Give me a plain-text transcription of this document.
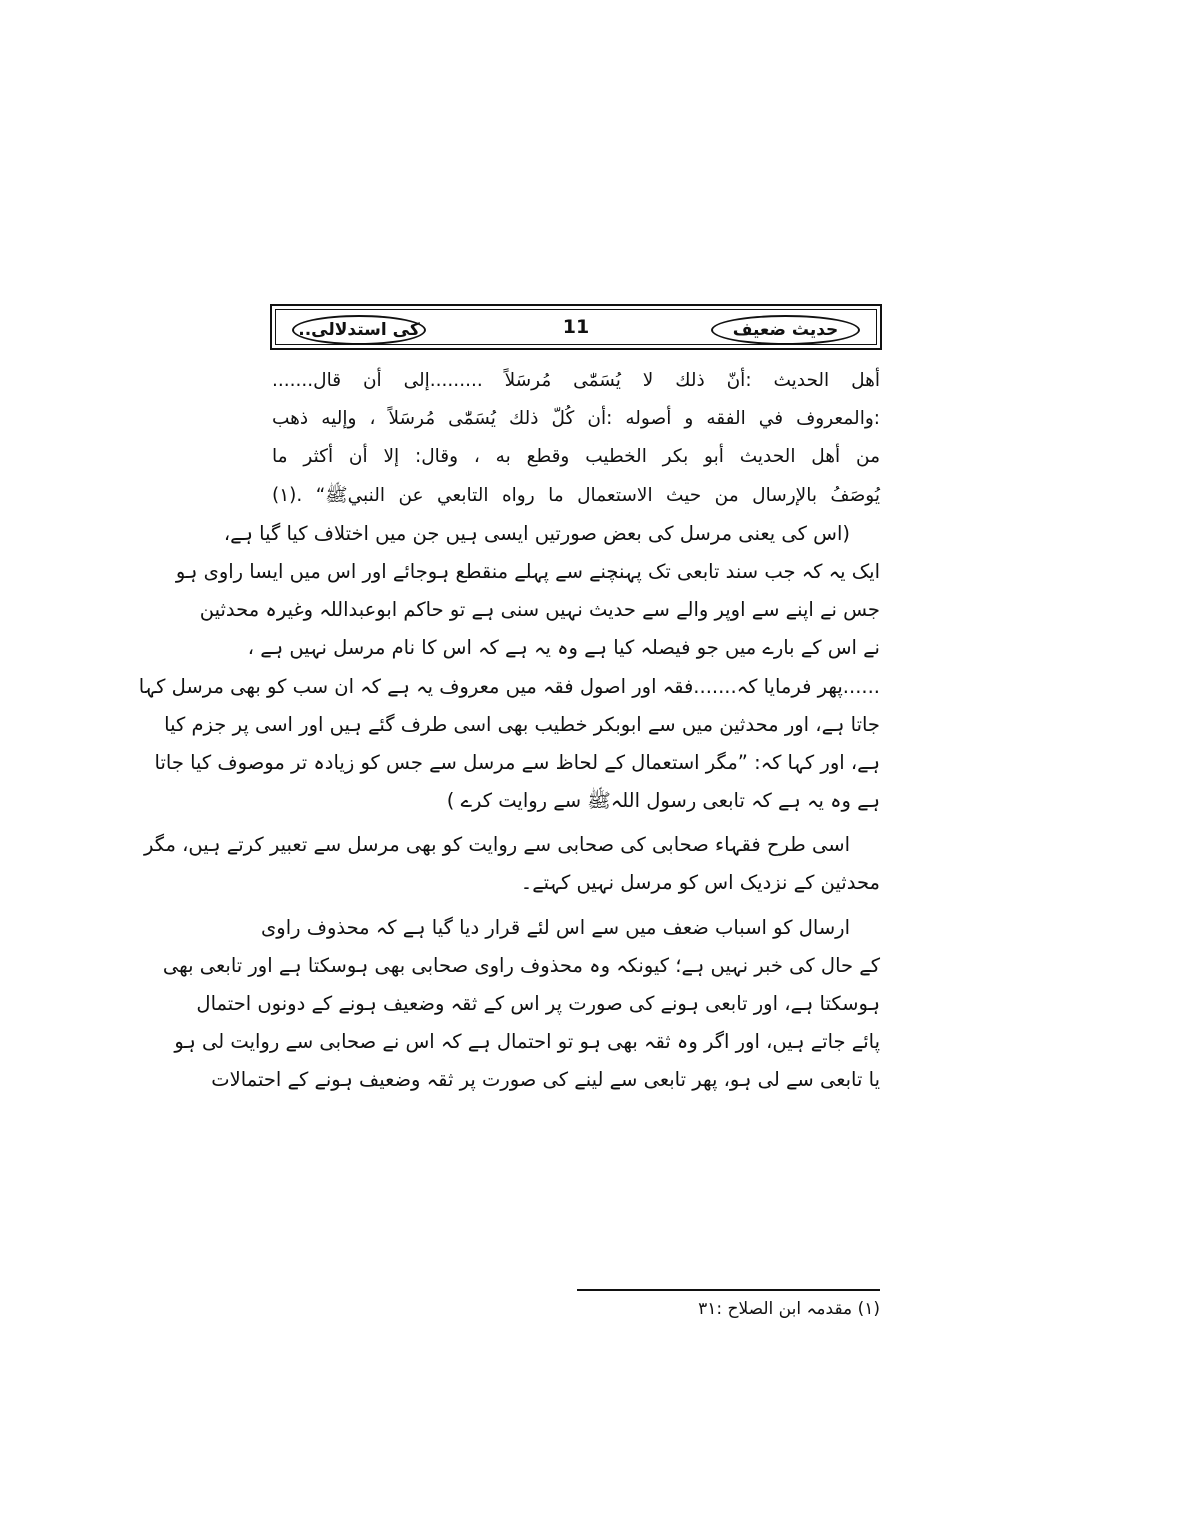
کی استدلالی..	11	حدیث ضعیف
أهل الحديث :أنّ ذلك لا يُسَمّٰى مُرسَلاً .........إلى أن قال.......
:والمعروف في الفقه و أصوله :أن كُلّ ذلك يُسَمّٰى مُرسَلاً ، وإليه ذهب
من أهل الحديث أبو بكر الخطيب وقطع به ، وقال: إلا أن أكثر ما
يُوصَفُ بالإرسال من حيث الاستعمال ما رواه التابعي عن النبيﷺ“ .(۱)
(اس کی یعنی مرسل کی بعض صورتیں ایسی ہیں جن میں اختلاف کیا گیا ہے،
ایک یہ کہ جب سند تابعی تک پہنچنے سے پہلے منقطع ہوجائے اور اس میں ایسا راوی ہو
جس نے اپنے سے اوپر والے سے حدیث نہیں سنی ہے تو حاکم ابوعبداللہ وغیرہ محدثین
نے اس کے بارے میں جو فیصلہ کیا ہے وہ یہ ہے کہ اس کا نام مرسل نہیں ہے ،
......پھر فرمایا کہ.......فقہ اور اصول فقہ میں معروف یہ ہے کہ ان سب کو بھی مرسل کہا
جاتا ہے، اور محدثین میں سے ابوبکر خطیب بھی اسی طرف گئے ہیں اور اسی پر جزم کیا
ہے، اور کہا کہ: ”مگر استعمال کے لحاظ سے مرسل سے جس کو زیادہ تر موصوف کیا جاتا
ہے وہ یہ ہے کہ تابعی رسول اللہﷺ سے روایت کرے )
اسی طرح فقہاء صحابی کی صحابی سے روایت کو بھی مرسل سے تعبیر کرتے ہیں، مگر
محدثین کے نزدیک اس کو مرسل نہیں کہتے۔
ارسال کو اسباب ضعف میں سے اس لئے قرار دیا گیا ہے کہ محذوف راوی
کے حال کی خبر نہیں ہے؛ کیونکہ وہ محذوف راوی صحابی بھی ہوسکتا ہے اور تابعی بھی
ہوسکتا ہے، اور تابعی ہونے کی صورت پر اس کے ثقہ وضعیف ہونے کے دونوں احتمال
پائے جاتے ہیں، اور اگر وہ ثقہ بھی ہو تو احتمال ہے کہ اس نے صحابی سے روایت لی ہو
یا تابعی سے لی ہو، پھر تابعی سے لینے کی صورت پر ثقہ وضعیف ہونے کے احتمالات
(۱) مقدمہ ابن الصلاح :۳۱
